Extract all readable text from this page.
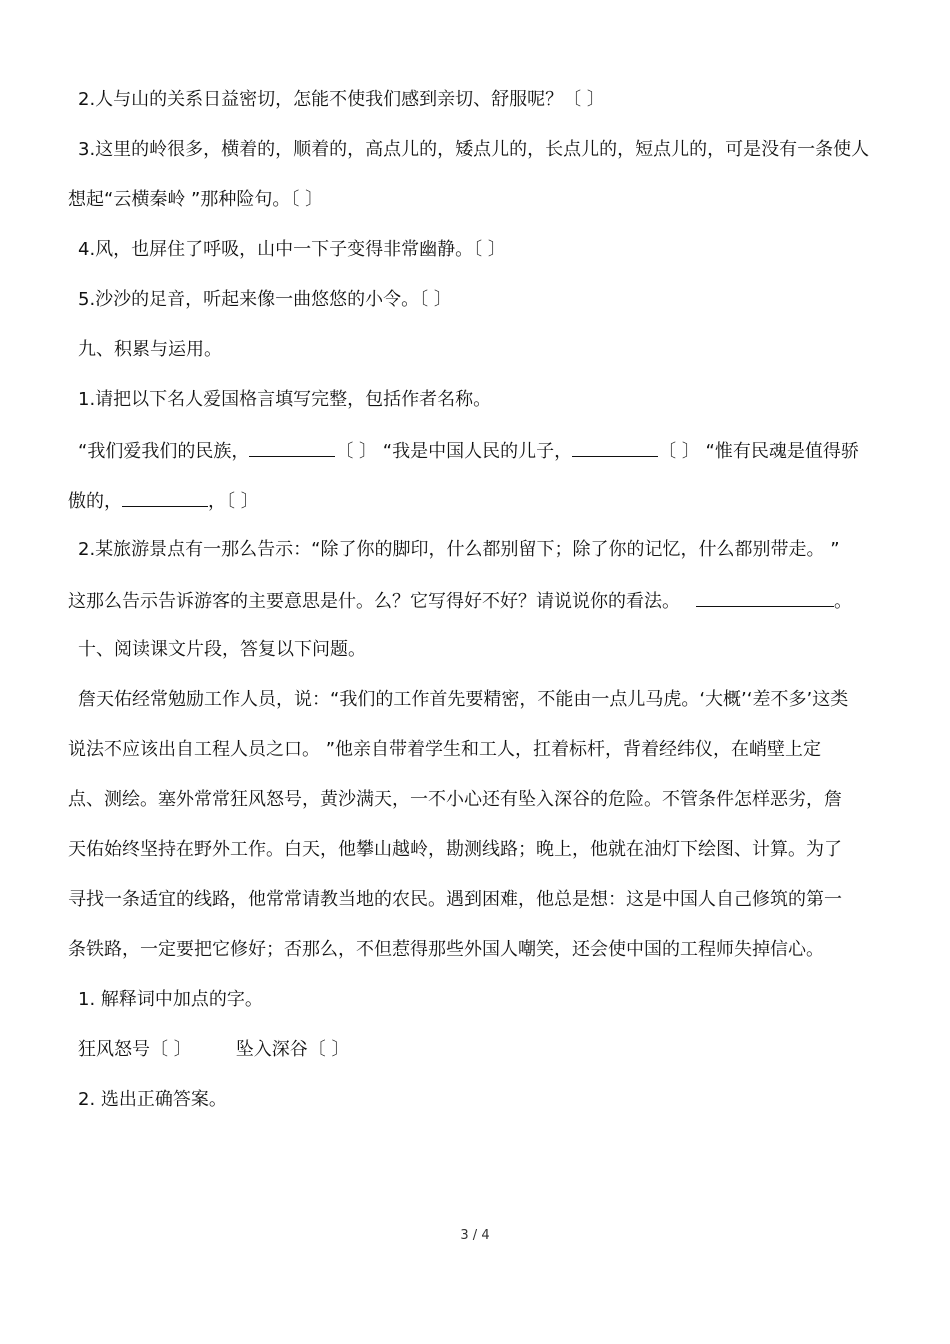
2.人与山的关系日益密切，怎能不使我们感到亲切、舒服呢？〔 〕
3.这里的岭很多，横着的，顺着的，高点儿的，矮点儿的，长点儿的，短点儿的，可是没有一条使人
想起“云横秦岭 ”那种险句。〔 〕
4.风，也屏住了呼吸，山中一下子变得非常幽静。〔 〕
5.沙沙的足音，听起来像一曲悠悠的小令。〔 〕
九、积累与运用。
1.请把以下名人爱国格言填写完整，包括作者名称。
“我们爱我们的民族，	〔 〕 “我是中国人民的儿子，	〔 〕 “惟有民魂是值得骄
傲的，	，〔 〕
2.某旅游景点有一那么告示：“除了你的脚印，什么都别留下；除了你的记忆，什么都别带走。 ”
这那么告示告诉游客的主要意思是什。么？它写得好不好？请说说你的看法。	。
十、阅读课文片段，答复以下问题。
詹天佑经常勉励工作人员，说：“我们的工作首先要精密，不能由一点儿马虎。‘大概’‘差不多’这类
说法不应该出自工程人员之口。 ”他亲自带着学生和工人，扛着标杆，背着经纬仪，在峭壁上定
点、测绘。塞外常常狂风怒号，黄沙满天，一不小心还有坠入深谷的危险。不管条件怎样恶劣，詹
天佑始终坚持在野外工作。白天，他攀山越岭，勘测线路；晚上，他就在油灯下绘图、计算。为了
寻找一条适宜的线路，他常常请教当地的农民。遇到困难，他总是想：这是中国人自己修筑的第一
条铁路，一定要把它修好；否那么，不但惹得那些外国人嘲笑，还会使中国的工程师失掉信心。
1. 解释词中加点的字。
狂风怒号〔 〕 坠入深谷〔 〕
2. 选出正确答案。
3 / 4
